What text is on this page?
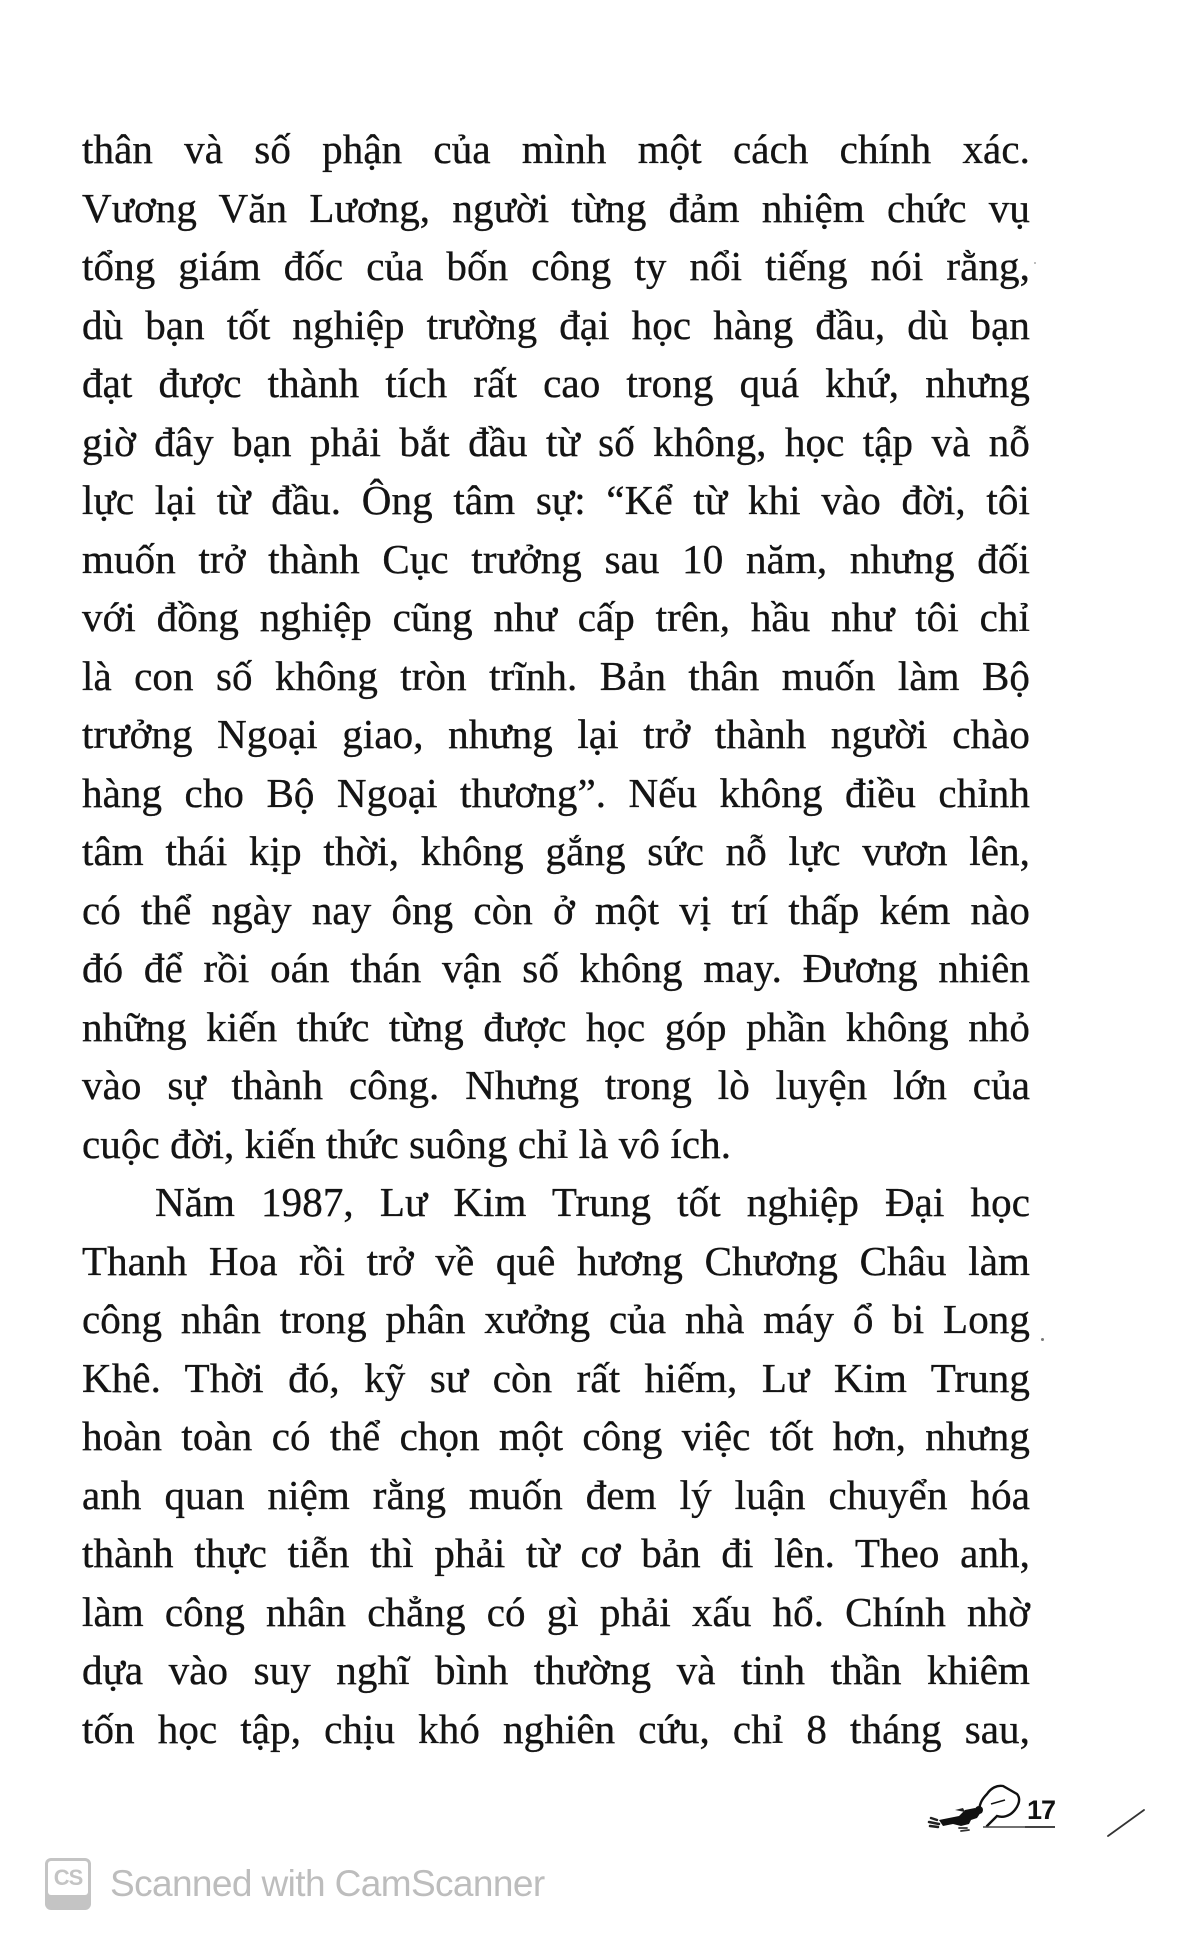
thân và số phận của mình một cách chính xác.
Vương Văn Lương, người từng đảm nhiệm chức vụ
tổng giám đốc của bốn công ty nổi tiếng nói rằng,
dù bạn tốt nghiệp trường đại học hàng đầu, dù bạn
đạt được thành tích rất cao trong quá khứ, nhưng
giờ đây bạn phải bắt đầu từ số không, học tập và nỗ
lực lại từ đầu. Ông tâm sự: “Kể từ khi vào đời, tôi
muốn trở thành Cục trưởng sau 10 năm, nhưng đối
với đồng nghiệp cũng như cấp trên, hầu như tôi chỉ
là con số không tròn trĩnh. Bản thân muốn làm Bộ
trưởng Ngoại giao, nhưng lại trở thành người chào
hàng cho Bộ Ngoại thương”. Nếu không điều chỉnh
tâm thái kịp thời, không gắng sức nỗ lực vươn lên,
có thể ngày nay ông còn ở một vị trí thấp kém nào
đó để rồi oán thán vận số không may. Đương nhiên
những kiến thức từng được học góp phần không nhỏ
vào sự thành công. Nhưng trong lò luyện lớn của
cuộc đời, kiến thức suông chỉ là vô ích.
Năm 1987, Lư Kim Trung tốt nghiệp Đại học
Thanh Hoa rồi trở về quê hương Chương Châu làm
công nhân trong phân xưởng của nhà máy ổ bi Long
Khê. Thời đó, kỹ sư còn rất hiếm, Lư Kim Trung
hoàn toàn có thể chọn một công việc tốt hơn, nhưng
anh quan niệm rằng muốn đem lý luận chuyển hóa
thành thực tiễn thì phải từ cơ bản đi lên. Theo anh,
làm công nhân chẳng có gì phải xấu hổ. Chính nhờ
dựa vào suy nghĩ bình thường và tinh thần khiêm
tốn học tập, chịu khó nghiên cứu, chỉ 8 tháng sau,
17
CS Scanned with CamScanner
